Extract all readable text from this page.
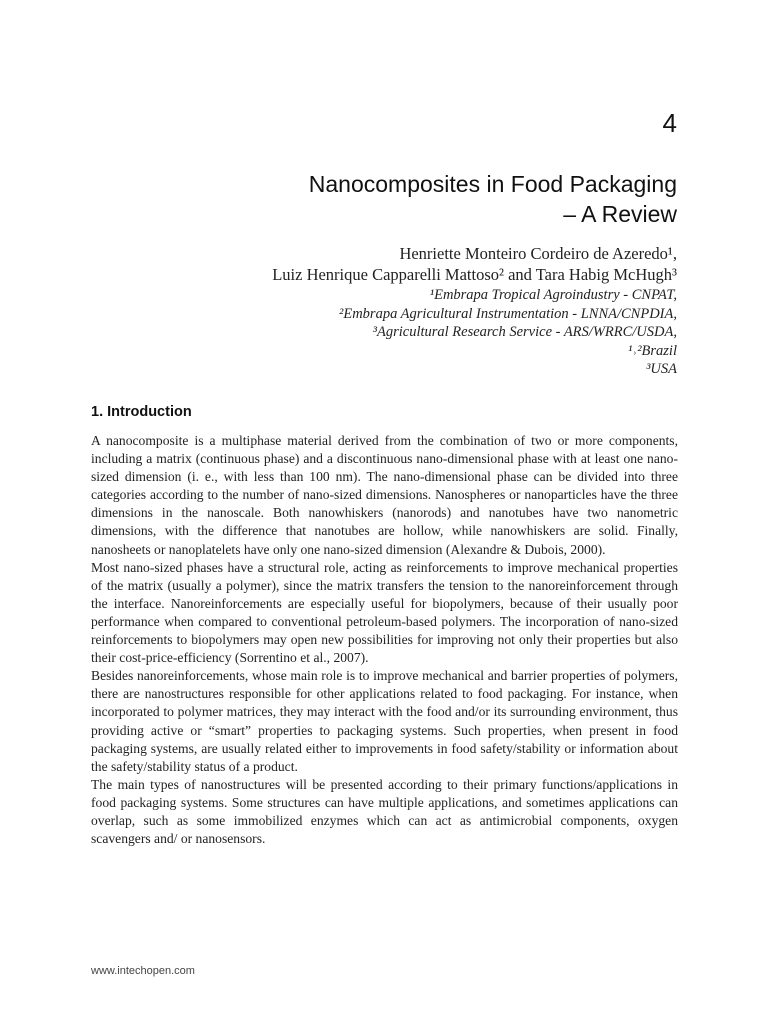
4
Nanocomposites in Food Packaging
– A Review
Henriette Monteiro Cordeiro de Azeredo¹,
Luiz Henrique Capparelli Mattoso² and Tara Habig McHugh³
¹Embrapa Tropical Agroindustry - CNPAT,
²Embrapa Agricultural Instrumentation - LNNA/CNPDIA,
³Agricultural Research Service - ARS/WRRC/USDA,
¹˒²Brazil
³USA
1. Introduction

A nanocomposite is a multiphase material derived from the combination of two or more components, including a matrix (continuous phase) and a discontinuous nano-dimensional phase with at least one nano-sized dimension (i. e., with less than 100 nm). The nano-dimensional phase can be divided into three categories according to the number of nano-sized dimensions. Nanospheres or nanoparticles have the three dimensions in the nanoscale. Both nanowhiskers (nanorods) and nanotubes have two nanometric dimensions, with the difference that nanotubes are hollow, while nanowhiskers are solid. Finally, nanosheets or nanoplatelets have only one nano-sized dimension (Alexandre & Dubois, 2000).

Most nano-sized phases have a structural role, acting as reinforcements to improve mechanical properties of the matrix (usually a polymer), since the matrix transfers the tension to the nanoreinforcement through the interface. Nanoreinforcements are especially useful for biopolymers, because of their usually poor performance when compared to conventional petroleum-based polymers. The incorporation of nano-sized reinforcements to biopolymers may open new possibilities for improving not only their properties but also their cost-price-efficiency (Sorrentino et al., 2007).

Besides nanoreinforcements, whose main role is to improve mechanical and barrier properties of polymers, there are nanostructures responsible for other applications related to food packaging. For instance, when incorporated to polymer matrices, they may interact with the food and/or its surrounding environment, thus providing active or “smart” properties to packaging systems. Such properties, when present in food packaging systems, are usually related either to improvements in food safety/stability or information about the safety/stability status of a product.

The main types of nanostructures will be presented according to their primary functions/applications in food packaging systems. Some structures can have multiple applications, and sometimes applications can overlap, such as some immobilized enzymes which can act as antimicrobial components, oxygen scavengers and/ or nanosensors.

www.intechopen.com
